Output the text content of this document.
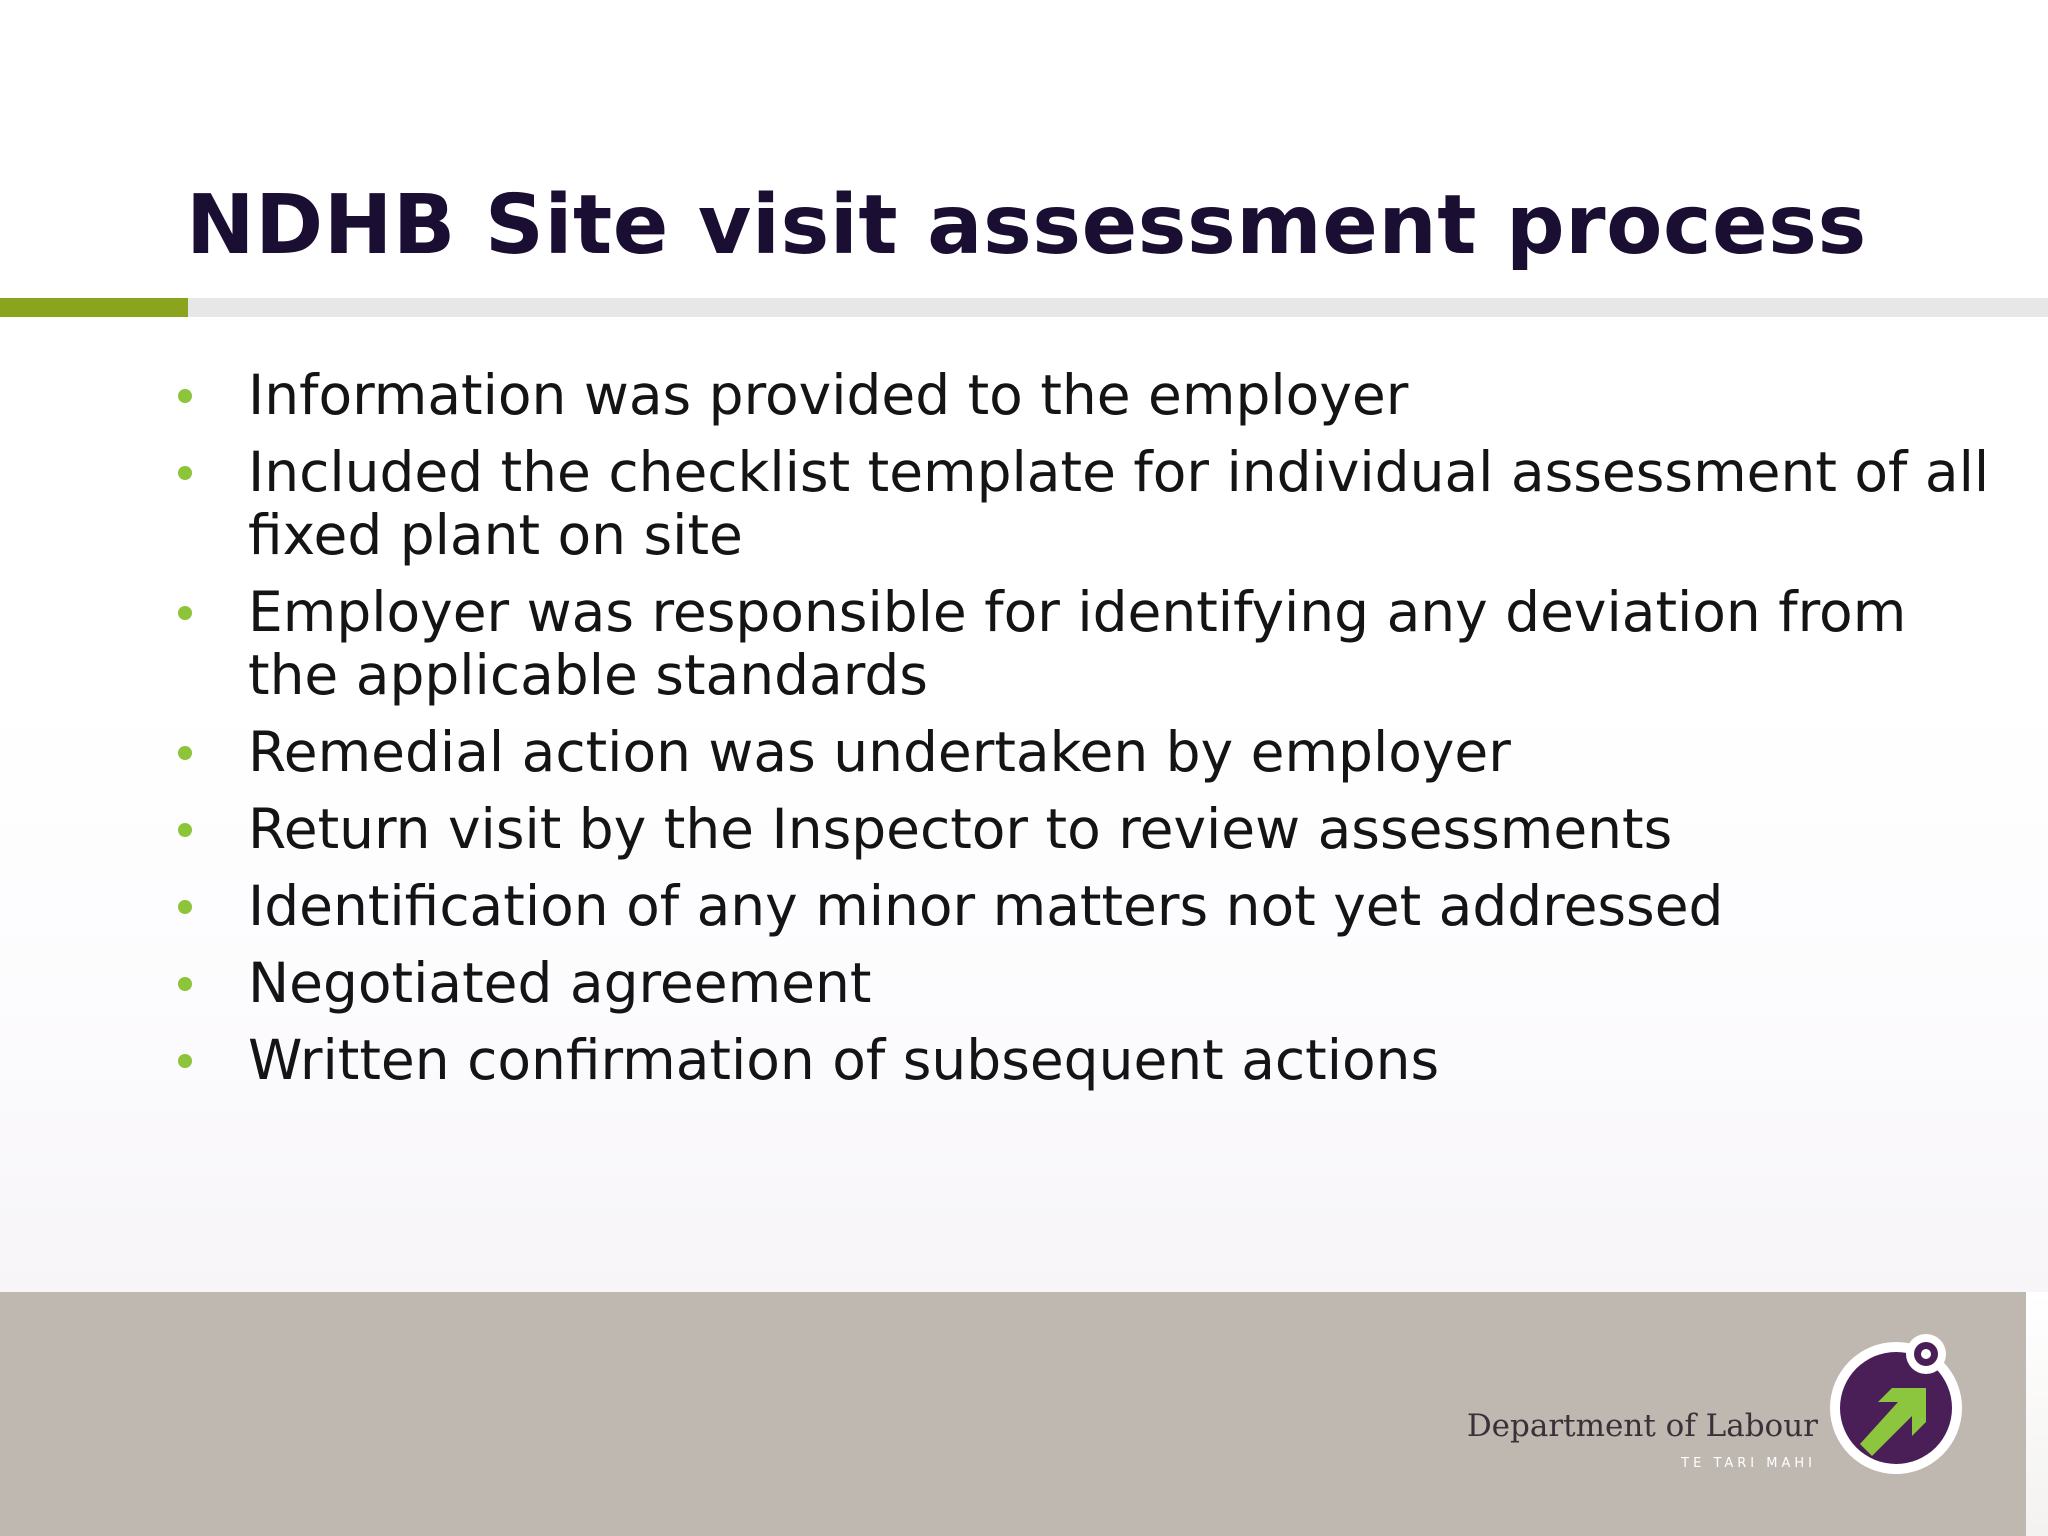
NDHB Site visit assessment process
Information was provided to the employer
Included the checklist template for individual assessment of all fixed plant on site
Employer was responsible for identifying any deviation from the applicable standards
Remedial action was undertaken by employer
Return visit by the Inspector to review assessments
Identification of any minor matters not yet addressed
Negotiated agreement
Written confirmation of subsequent actions
Department of Labour
TE TARI MAHI
